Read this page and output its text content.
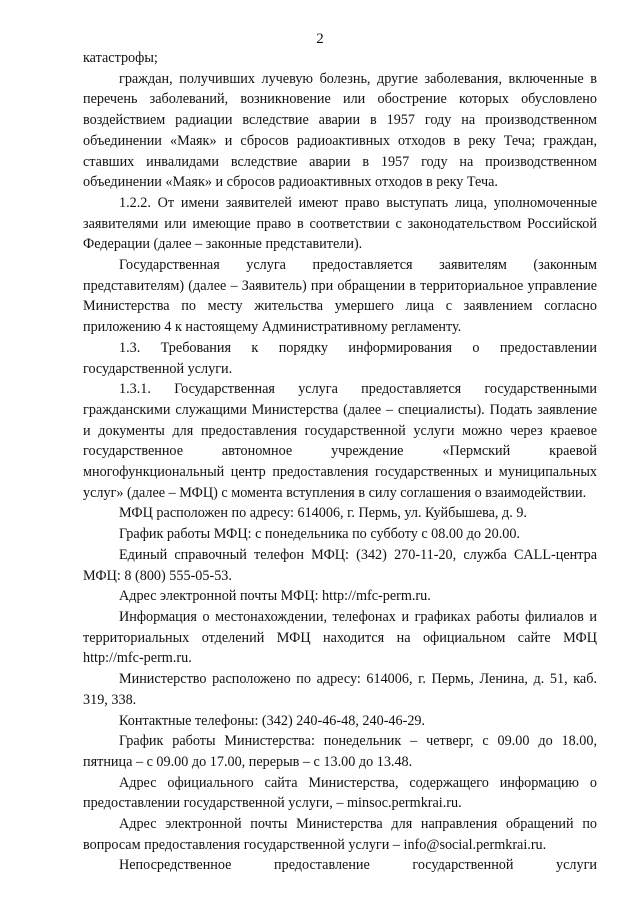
2

катастрофы;

граждан, получивших лучевую болезнь, другие заболевания, включенные в перечень заболеваний, возникновение или обострение которых обусловлено воздействием радиации вследствие аварии в 1957 году на производственном объединении «Маяк» и сбросов радиоактивных отходов в реку Теча; граждан, ставших инвалидами вследствие аварии в 1957 году на производственном объединении «Маяк» и сбросов радиоактивных отходов в реку Теча.

1.2.2. От имени заявителей имеют право выступать лица, уполномоченные заявителями или имеющие право в соответствии с законодательством Российской Федерации (далее – законные представители).

Государственная услуга предоставляется заявителям (законным представителям) (далее – Заявитель) при обращении в территориальное управление Министерства по месту жительства умершего лица с заявлением согласно приложению 4 к настоящему Административному регламенту.

1.3. Требования к порядку информирования о предоставлении государственной услуги.

1.3.1. Государственная услуга предоставляется государственными гражданскими служащими Министерства (далее – специалисты). Подать заявление и документы для предоставления государственной услуги можно через краевое государственное автономное учреждение «Пермский краевой многофункциональный центр предоставления государственных и муниципальных услуг» (далее – МФЦ) с момента вступления в силу соглашения о взаимодействии.

МФЦ расположен по адресу: 614006, г. Пермь, ул. Куйбышева, д. 9.

График работы МФЦ: с понедельника по субботу с 08.00 до 20.00.

Единый справочный телефон МФЦ: (342) 270-11-20, служба CALL-центра МФЦ: 8 (800) 555-05-53.

Адрес электронной почты МФЦ: http://mfc-perm.ru.

Информация о местонахождении, телефонах и графиках работы филиалов и территориальных отделений МФЦ находится на официальном сайте МФЦ http://mfc-perm.ru.

Министерство расположено по адресу: 614006, г. Пермь, Ленина, д. 51, каб. 319, 338.

Контактные телефоны: (342) 240-46-48, 240-46-29.

График работы Министерства: понедельник – четверг, с 09.00 до 18.00, пятница – с 09.00 до 17.00, перерыв – с 13.00 до 13.48.

Адрес официального сайта Министерства, содержащего информацию о предоставлении государственной услуги, – minsoc.permkrai.ru.

Адрес электронной почты Министерства для направления обращений по вопросам предоставления государственной услуги – info@social.permkrai.ru.

Непосредственное предоставление государственной услуги
